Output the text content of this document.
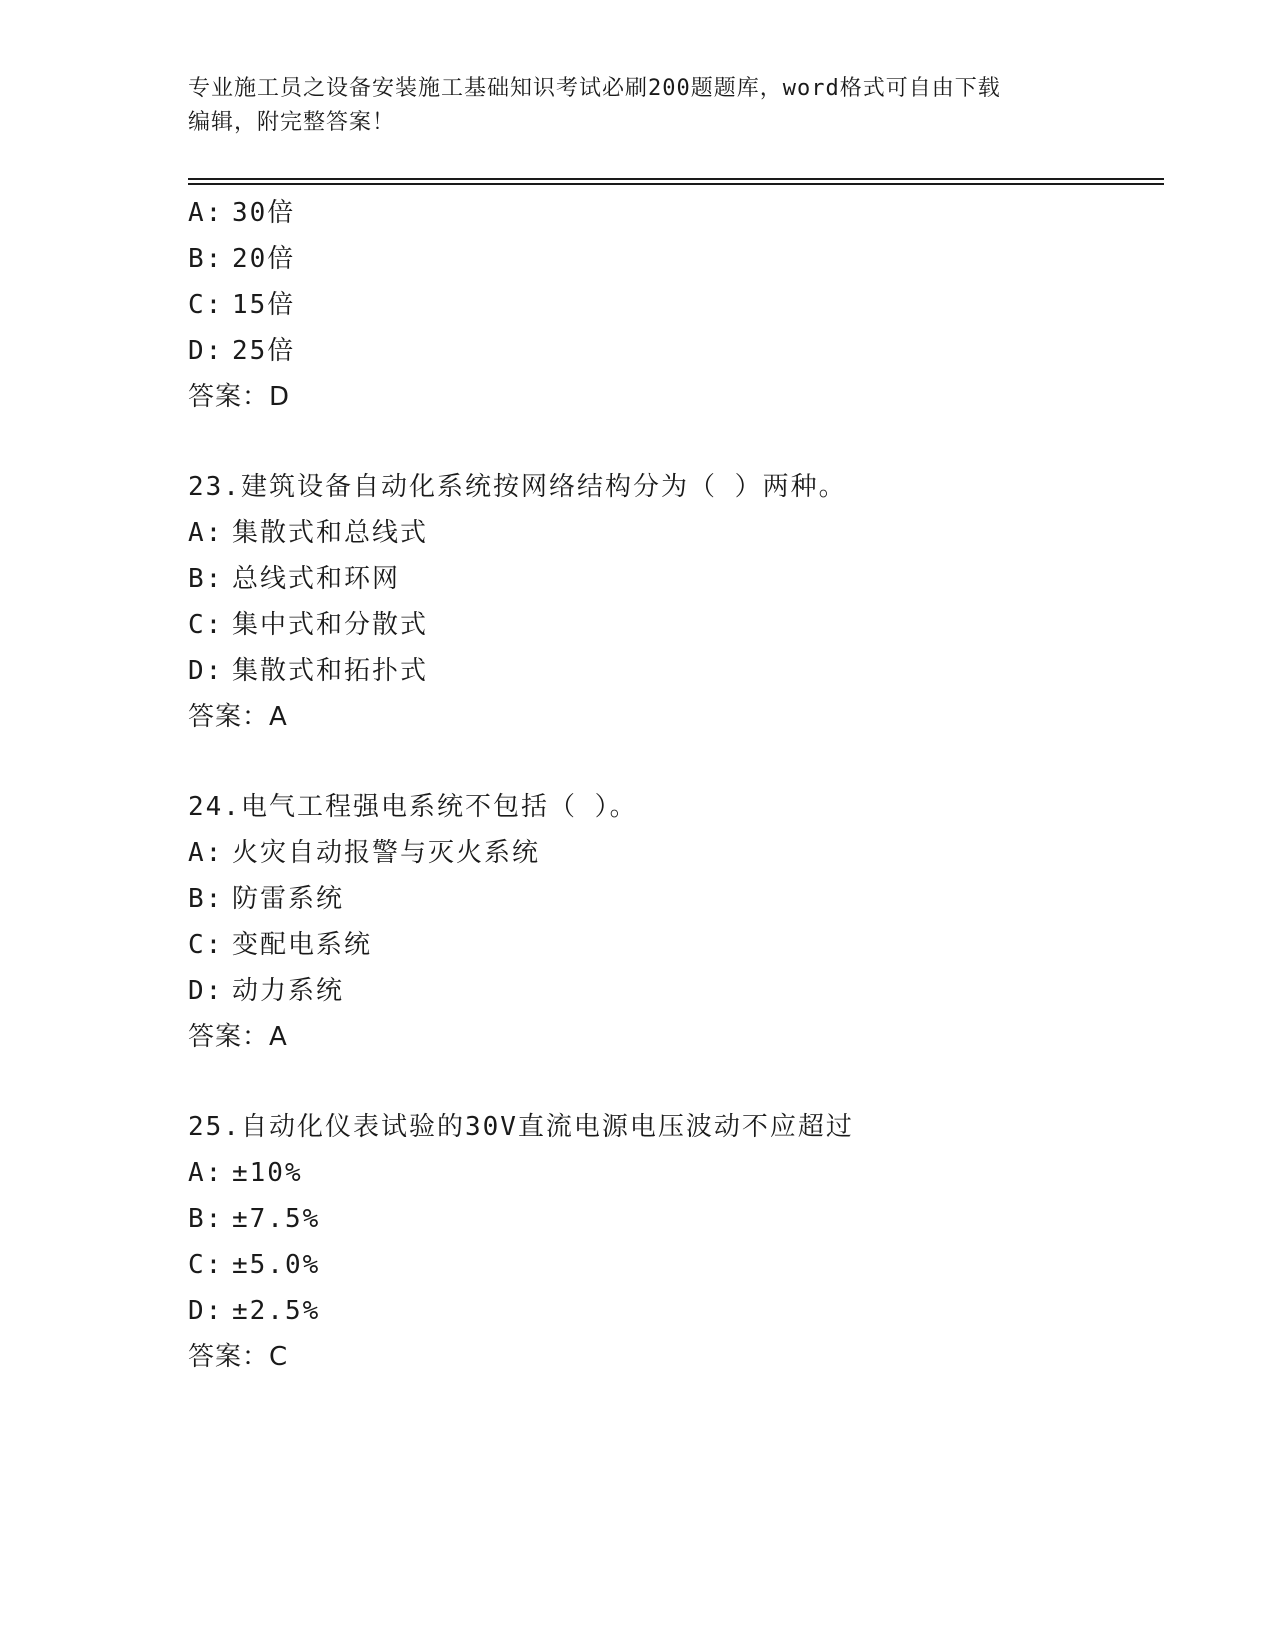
专业施工员之设备安装施工基础知识考试必刷200题题库，word格式可自由下载
编辑，附完整答案！
A: 30倍
B: 20倍
C: 15倍
D: 25倍
答案：D
23.建筑设备自动化系统按网络结构分为（ ）两种。
A: 集散式和总线式
B: 总线式和环网
C: 集中式和分散式
D: 集散式和拓扑式
答案：A
24.电气工程强电系统不包括（ ）。
A: 火灾自动报警与灭火系统
B: 防雷系统
C: 变配电系统
D: 动力系统
答案：A
25.自动化仪表试验的30V直流电源电压波动不应超过
A: ±10%
B: ±7.5%
C: ±5.0%
D: ±2.5%
答案：C
